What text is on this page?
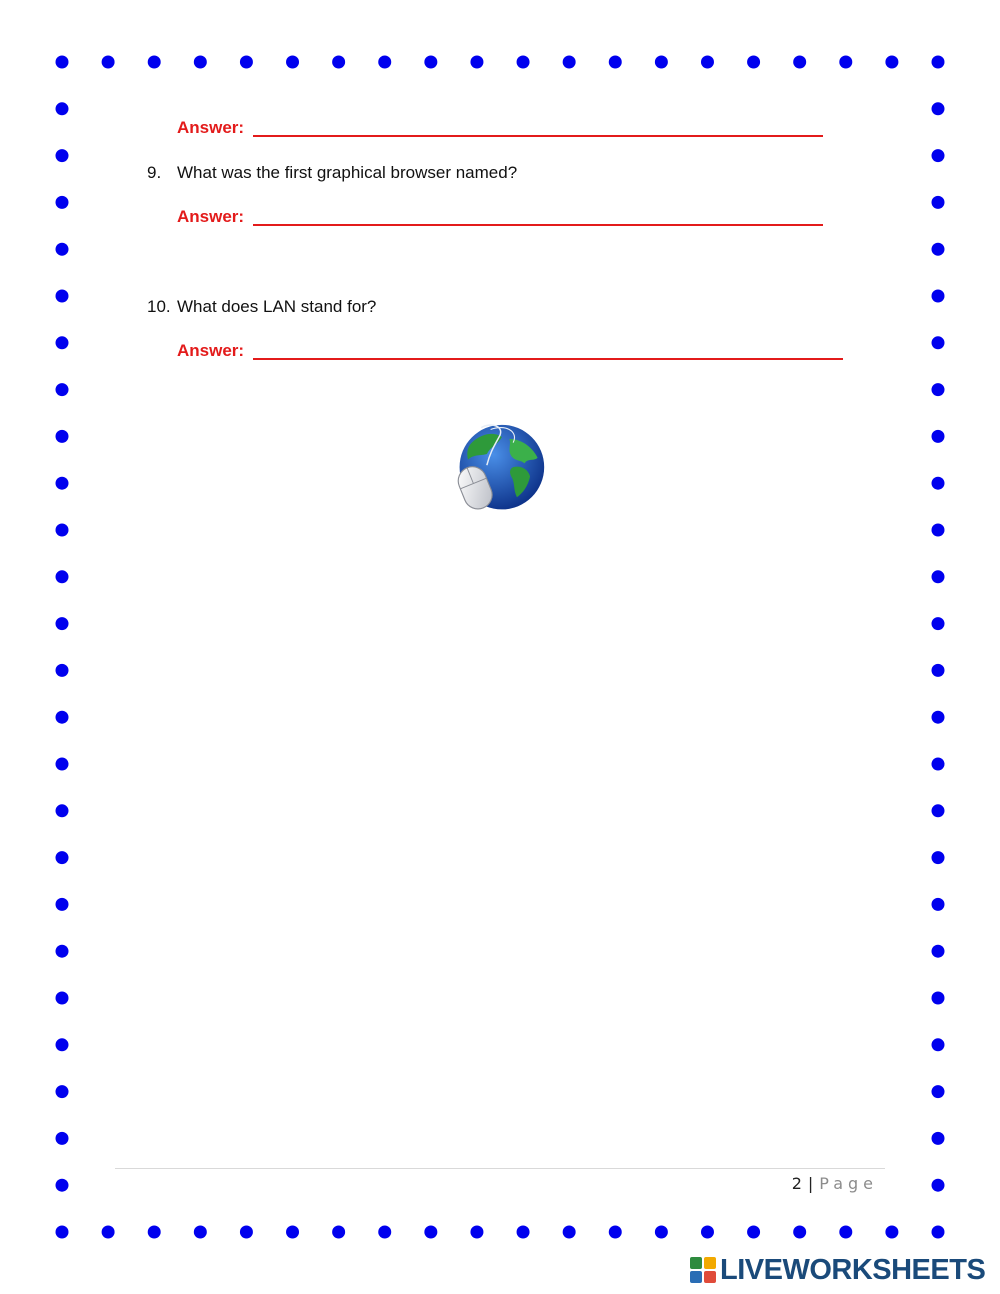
Answer:
9. What was the first graphical browser named?
Answer:
10. What does LAN stand for?
Answer:
2 | Page
LIVEWORKSHEETS
